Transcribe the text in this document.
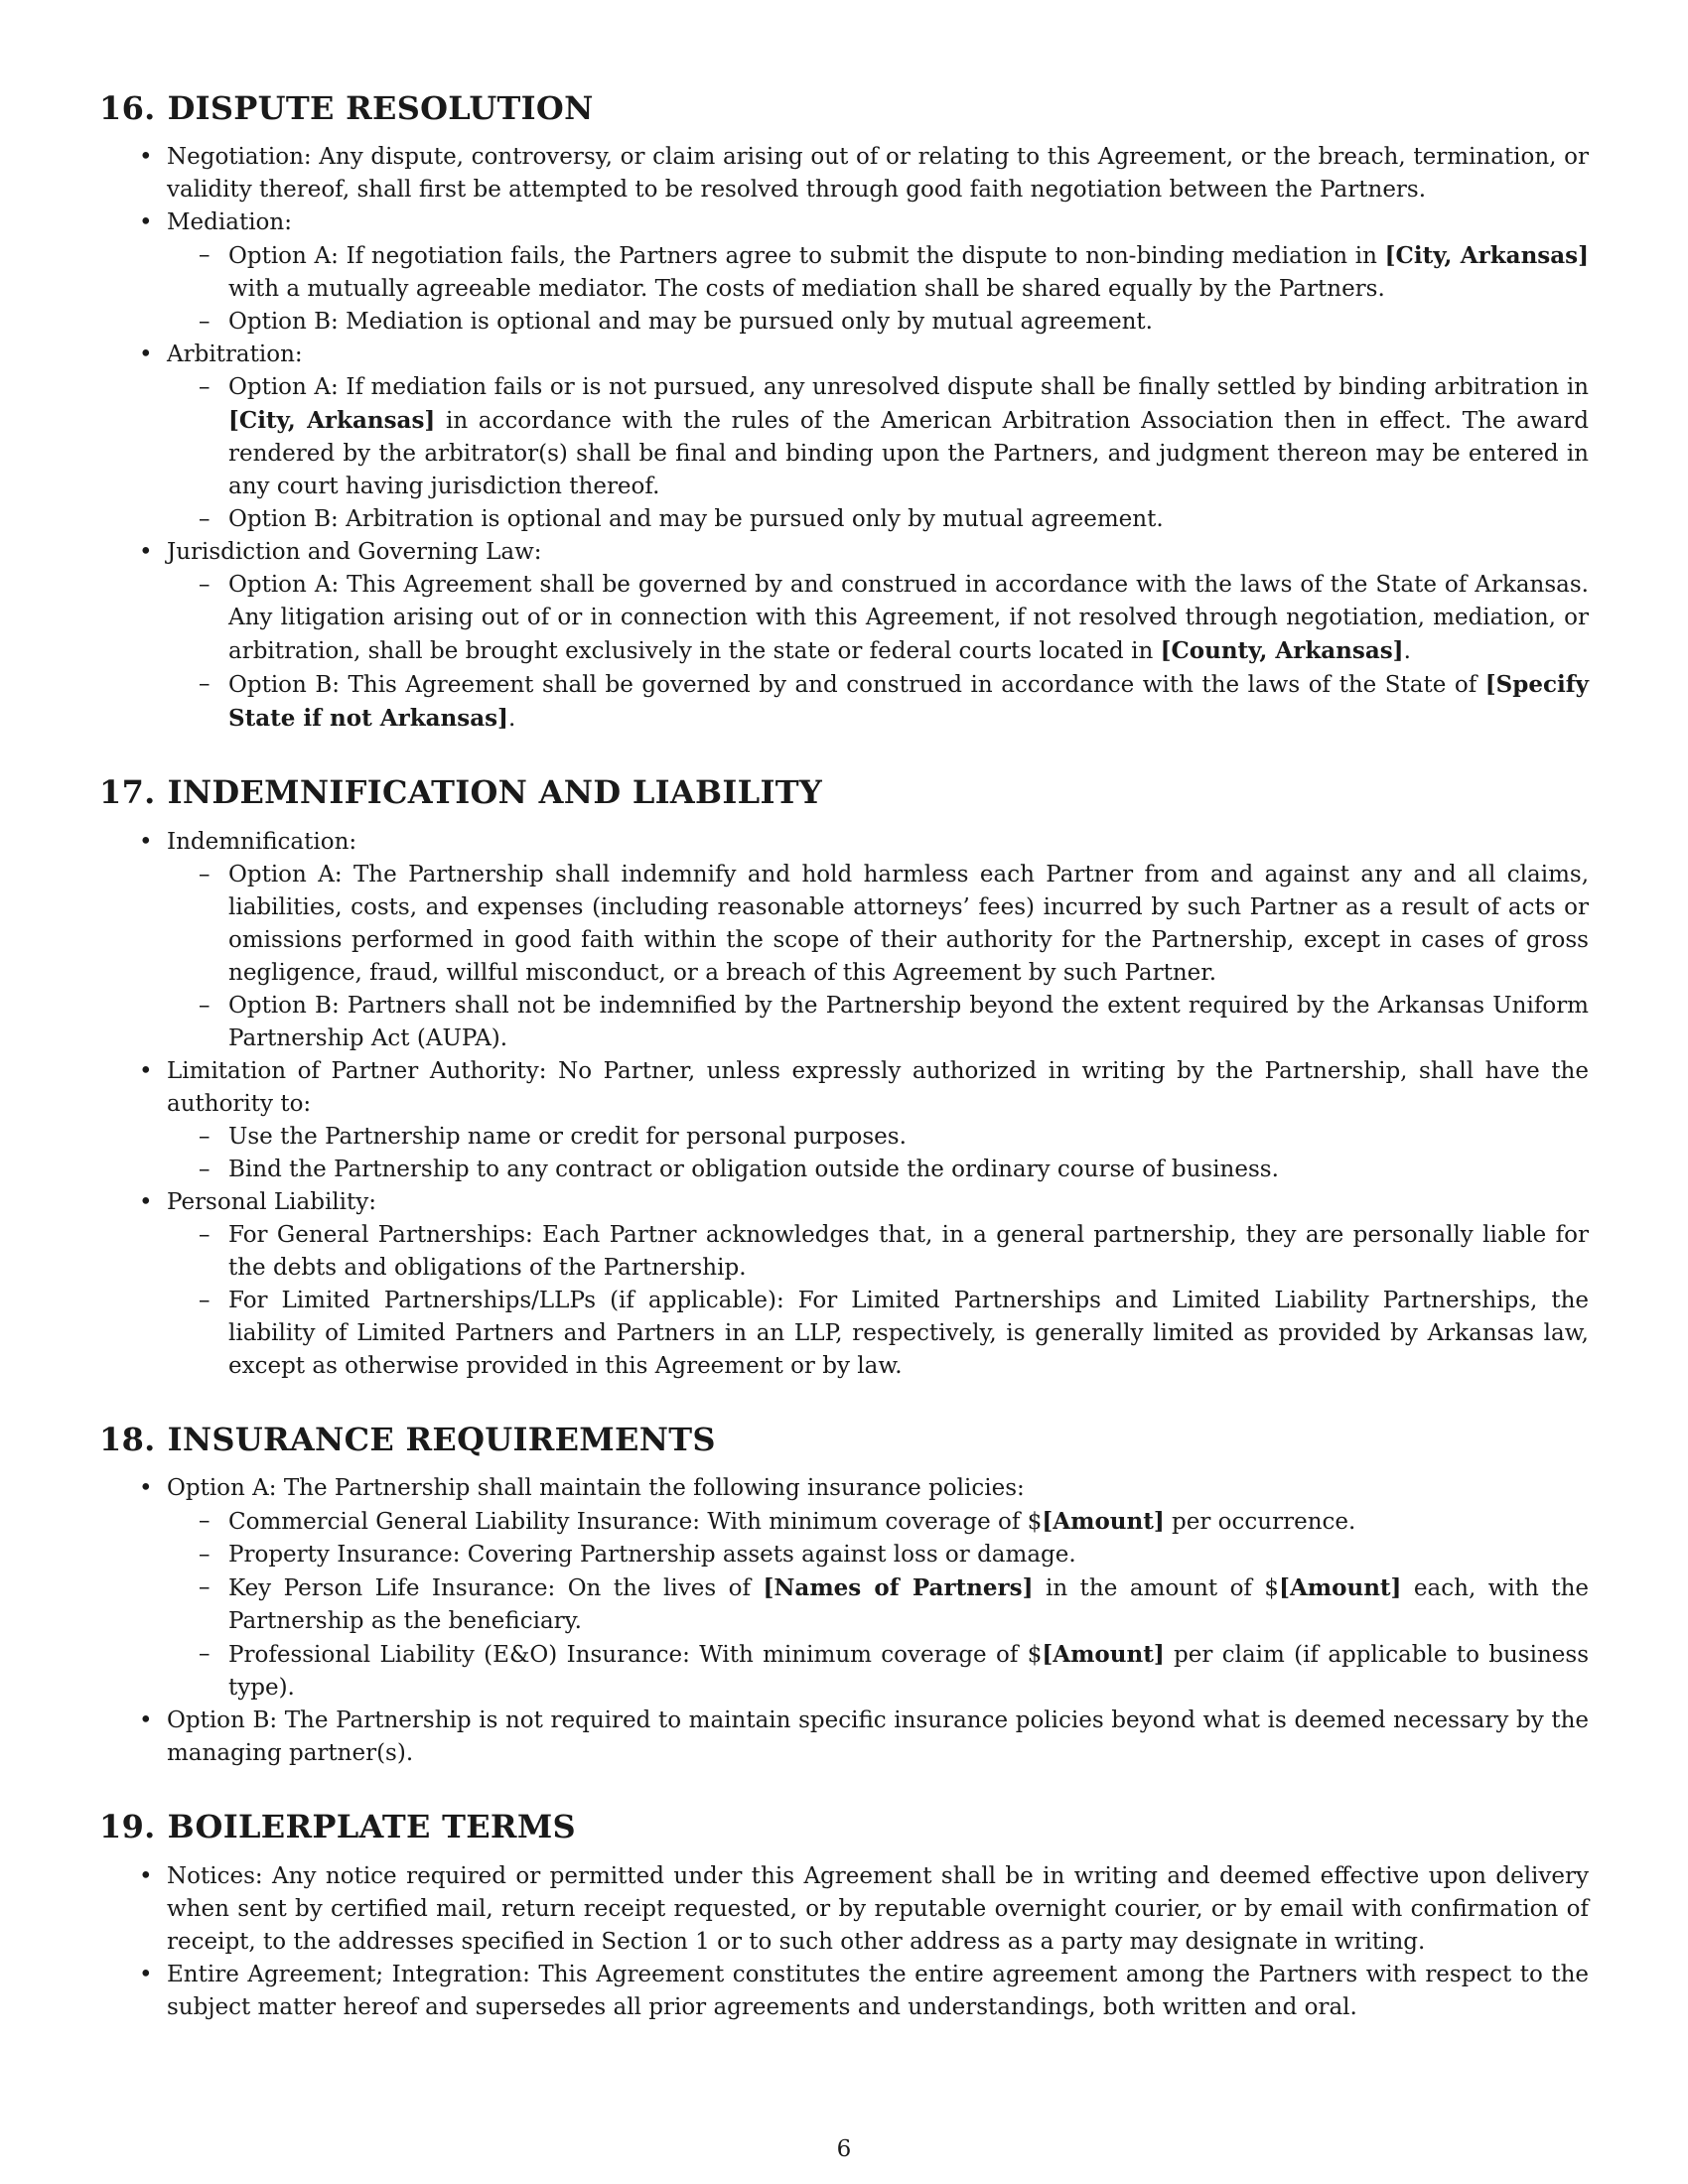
16. DISPUTE RESOLUTION
• Negotiation: Any dispute, controversy, or claim arising out of or relating to this Agreement, or the breach, termination, or validity thereof, shall first be attempted to be resolved through good faith negotiation between the Partners.
• Mediation:
– Option A: If negotiation fails, the Partners agree to submit the dispute to non-binding mediation in [City, Arkansas] with a mutually agreeable mediator. The costs of mediation shall be shared equally by the Partners.
– Option B: Mediation is optional and may be pursued only by mutual agreement.
• Arbitration:
– Option A: If mediation fails or is not pursued, any unresolved dispute shall be finally settled by binding arbitration in [City, Arkansas] in accordance with the rules of the American Arbitration Association then in effect. The award rendered by the arbitrator(s) shall be final and binding upon the Partners, and judgment thereon may be entered in any court having jurisdiction thereof.
– Option B: Arbitration is optional and may be pursued only by mutual agreement.
• Jurisdiction and Governing Law:
– Option A: This Agreement shall be governed by and construed in accordance with the laws of the State of Arkansas. Any litigation arising out of or in connection with this Agreement, if not resolved through negotiation, mediation, or arbitration, shall be brought exclusively in the state or federal courts located in [County, Arkansas].
– Option B: This Agreement shall be governed by and construed in accordance with the laws of the State of [Specify State if not Arkansas].
17. INDEMNIFICATION AND LIABILITY
• Indemnification:
– Option A: The Partnership shall indemnify and hold harmless each Partner from and against any and all claims, liabilities, costs, and expenses (including reasonable attorneys’ fees) incurred by such Partner as a result of acts or omissions performed in good faith within the scope of their authority for the Partnership, except in cases of gross negligence, fraud, willful misconduct, or a breach of this Agreement by such Partner.
– Option B: Partners shall not be indemnified by the Partnership beyond the extent required by the Arkansas Uniform Partnership Act (AUPA).
• Limitation of Partner Authority: No Partner, unless expressly authorized in writing by the Partnership, shall have the authority to:
– Use the Partnership name or credit for personal purposes.
– Bind the Partnership to any contract or obligation outside the ordinary course of business.
• Personal Liability:
– For General Partnerships: Each Partner acknowledges that, in a general partnership, they are personally liable for the debts and obligations of the Partnership.
– For Limited Partnerships/LLPs (if applicable): For Limited Partnerships and Limited Liability Partnerships, the liability of Limited Partners and Partners in an LLP, respectively, is generally limited as provided by Arkansas law, except as otherwise provided in this Agreement or by law.
18. INSURANCE REQUIREMENTS
• Option A: The Partnership shall maintain the following insurance policies:
– Commercial General Liability Insurance: With minimum coverage of $[Amount] per occurrence.
– Property Insurance: Covering Partnership assets against loss or damage.
– Key Person Life Insurance: On the lives of [Names of Partners] in the amount of $[Amount] each, with the Partnership as the beneficiary.
– Professional Liability (E&O) Insurance: With minimum coverage of $[Amount] per claim (if applicable to business type).
• Option B: The Partnership is not required to maintain specific insurance policies beyond what is deemed necessary by the managing partner(s).
19. BOILERPLATE TERMS
• Notices: Any notice required or permitted under this Agreement shall be in writing and deemed effective upon delivery when sent by certified mail, return receipt requested, or by reputable overnight courier, or by email with confirmation of receipt, to the addresses specified in Section 1 or to such other address as a party may designate in writing.
• Entire Agreement; Integration: This Agreement constitutes the entire agreement among the Partners with respect to the subject matter hereof and supersedes all prior agreements and understandings, both written and oral.
6
